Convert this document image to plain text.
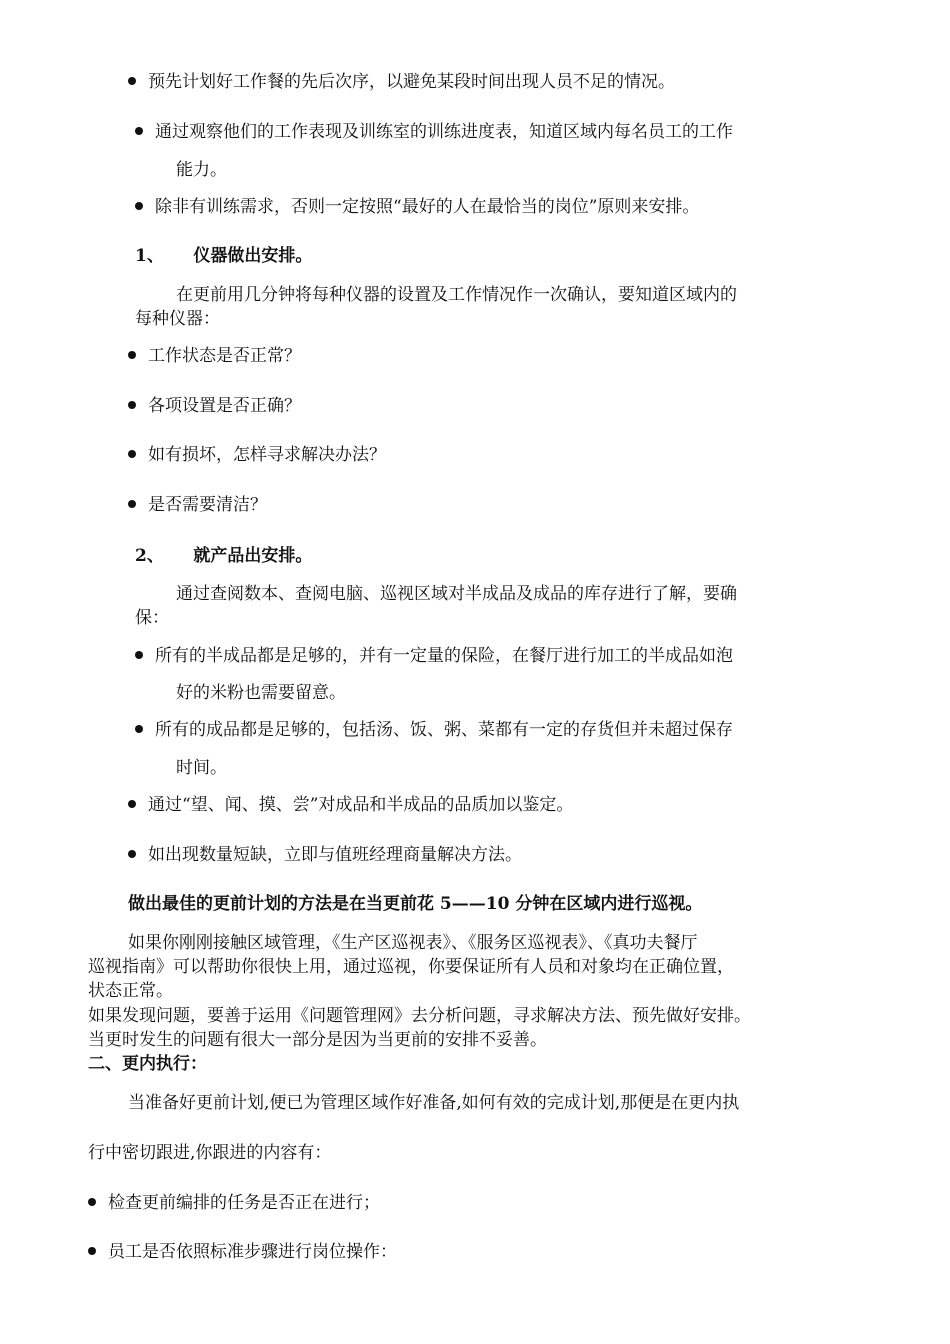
预先计划好工作餐的先后次序，以避免某段时间出现人员不足的情况。
通过观察他们的工作表现及训练室的训练进度表，知道区域内每名员工的工作
能力。
除非有训练需求，否则一定按照“最好的人在最恰当的岗位”原则来安排。
1、     仪器做出安排。
在更前用几分钟将每种仪器的设置及工作情况作一次确认，要知道区域内的
每种仪器：
工作状态是否正常？
各项设置是否正确？
如有损坏，怎样寻求解决办法？
是否需要清洁？
2、     就产品出安排。
通过查阅数本、查阅电脑、巡视区域对半成品及成品的库存进行了解，要确
保：
所有的半成品都是足够的，并有一定量的保险，在餐厅进行加工的半成品如泡
好的米粉也需要留意。
所有的成品都是足够的，包括汤、饭、粥、菜都有一定的存货但并未超过保存
时间。
通过“望、闻、摸、尝”对成品和半成品的品质加以鉴定。
如出现数量短缺，立即与值班经理商量解决方法。
做出最佳的更前计划的方法是在当更前花 5——10 分钟在区域内进行巡视。
如果你刚刚接触区域管理，《生产区巡视表》、《服务区巡视表》、《真功夫餐厅
巡视指南》可以帮助你很快上用，通过巡视，你要保证所有人员和对象均在正确位置，
状态正常。
如果发现问题，要善于运用《问题管理网》去分析问题，寻求解决方法、预先做好安排。
当更时发生的问题有很大一部分是因为当更前的安排不妥善。
二、更内执行：
当准备好更前计划,便已为管理区域作好准备,如何有效的完成计划,那便是在更内执
行中密切跟进,你跟进的内容有：
检查更前编排的任务是否正在进行；
员工是否依照标准步骤进行岗位操作：
